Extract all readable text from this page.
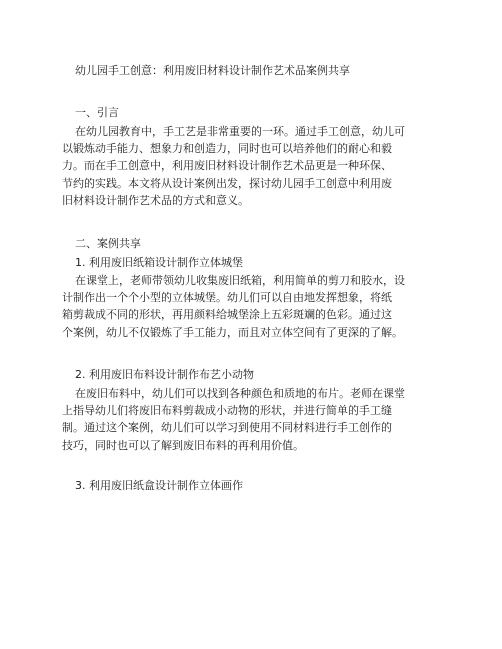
幼儿园手工创意：利用废旧材料设计制作艺术品案例共享
一、引言
在幼儿园教育中，手工艺是非常重要的一环。通过手工创意，幼儿可
以锻炼动手能力、想象力和创造力，同时也可以培养他们的耐心和毅
力。而在手工创意中，利用废旧材料设计制作艺术品更是一种环保、
节约的实践。本文将从设计案例出发，探讨幼儿园手工创意中利用废
旧材料设计制作艺术品的方式和意义。
二、案例共享
1. 利用废旧纸箱设计制作立体城堡
在课堂上，老师带领幼儿收集废旧纸箱，利用简单的剪刀和胶水，设
计制作出一个个小型的立体城堡。幼儿们可以自由地发挥想象，将纸
箱剪裁成不同的形状，再用颜料给城堡涂上五彩斑斓的色彩。通过这
个案例，幼儿不仅锻炼了手工能力，而且对立体空间有了更深的了解。
2. 利用废旧布料设计制作布艺小动物
在废旧布料中，幼儿们可以找到各种颜色和质地的布片。老师在课堂
上指导幼儿们将废旧布料剪裁成小动物的形状，并进行简单的手工缝
制。通过这个案例，幼儿们可以学习到使用不同材料进行手工创作的
技巧，同时也可以了解到废旧布料的再利用价值。
3. 利用废旧纸盒设计制作立体画作
